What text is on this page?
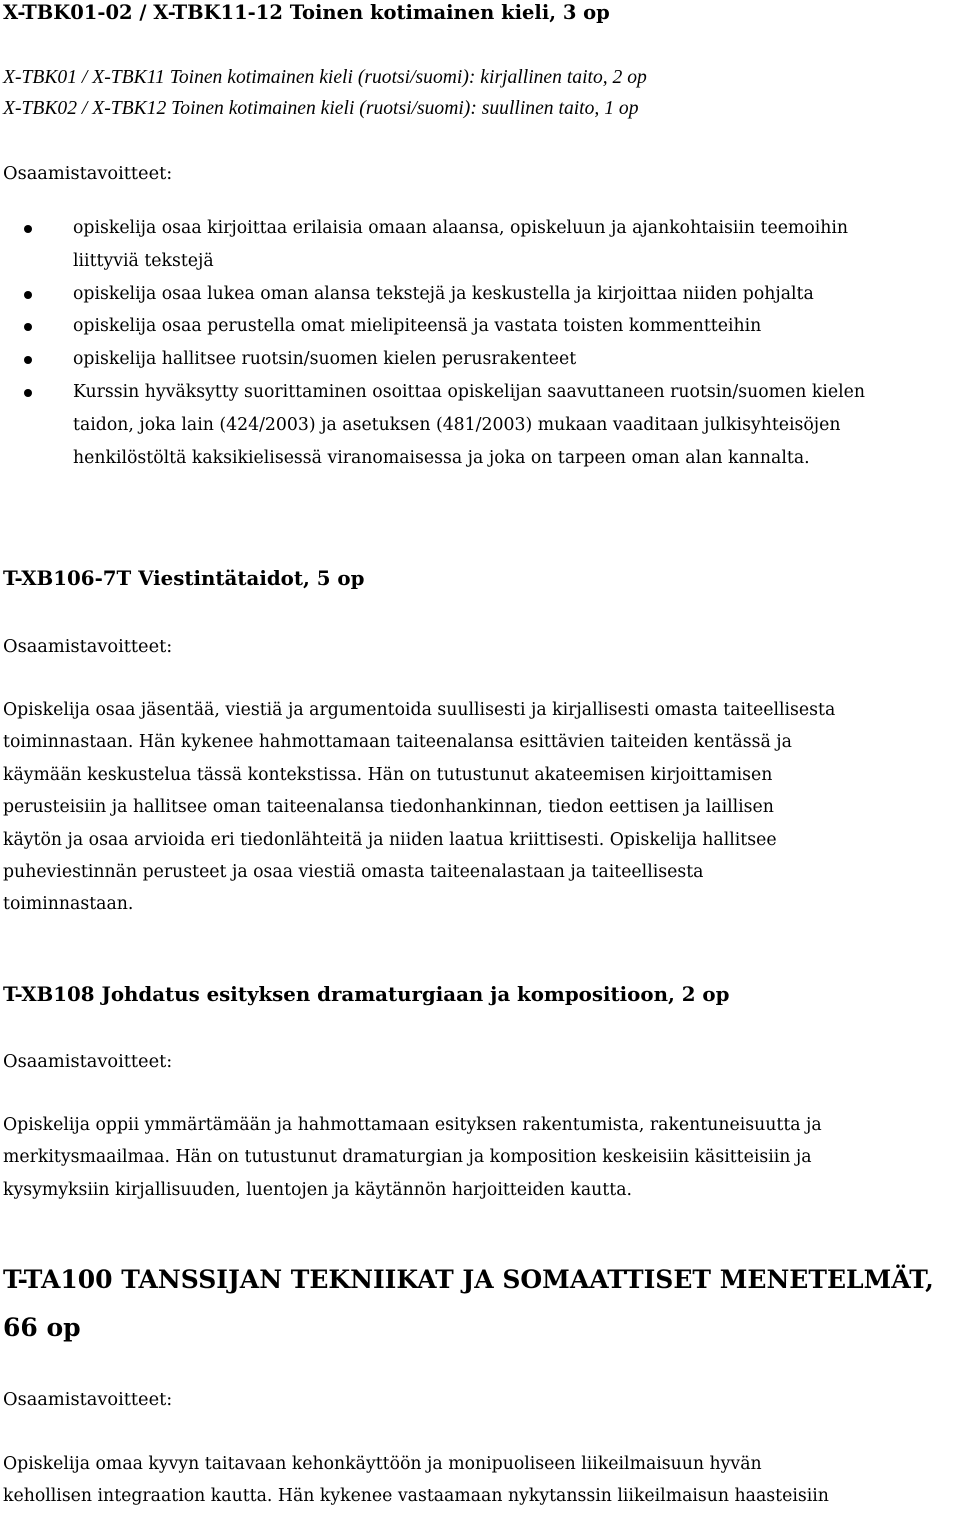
X-TBK01-02 / X-TBK11-12 Toinen kotimainen kieli, 3 op

X-TBK01 / X-TBK11 Toinen kotimainen kieli (ruotsi/suomi): kirjallinen taito, 2 op

X-TBK02 / X-TBK12 Toinen kotimainen kieli (ruotsi/suomi): suullinen taito, 1 op

Osaamistavoitteet:

opiskelija osaa kirjoittaa erilaisia omaan alaansa, opiskeluun ja ajankohtaisiin teemoihin liittyviä tekstejä
opiskelija osaa lukea oman alansa tekstejä ja keskustella ja kirjoittaa niiden pohjalta
opiskelija osaa perustella omat mielipiteensä ja vastata toisten kommentteihin
opiskelija hallitsee ruotsin/suomen kielen perusrakenteet
Kurssin hyväksytty suorittaminen osoittaa opiskelijan saavuttaneen ruotsin/suomen kielen taidon, joka lain (424/2003) ja asetuksen (481/2003) mukaan vaaditaan julkisyhteisöjen henkilöstöltä kaksikielisessä viranomaisessa ja joka on tarpeen oman alan kannalta.
T-XB106-7T Viestintätaidot, 5 op

Osaamistavoitteet:

Opiskelija osaa jäsentää, viestiä ja argumentoida suullisesti ja kirjallisesti omasta taiteellisesta
toiminnastaan. Hän kykenee hahmottamaan taiteenalansa esittävien taiteiden kentässä ja
käymään keskustelua tässä kontekstissa. Hän on tutustunut akateemisen kirjoittamisen
perusteisiin ja hallitsee oman taiteenalansa tiedonhankinnan, tiedon eettisen ja laillisen
käytön ja osaa arvioida eri tiedonlähteitä ja niiden laatua kriittisesti. Opiskelija hallitsee
puheviestinnän perusteet ja osaa viestiä omasta taiteenalastaan ja taiteellisesta
toiminnastaan.

T-XB108 Johdatus esityksen dramaturgiaan ja kompositioon, 2 op

Osaamistavoitteet:

Opiskelija oppii ymmärtämään ja hahmottamaan esityksen rakentumista, rakentuneisuutta ja
merkitysmaailmaa. Hän on tutustunut dramaturgian ja komposition keskeisiin käsitteisiin ja
kysymyksiin kirjallisuuden, luentojen ja käytännön harjoitteiden kautta.

T-TA100 TANSSIJAN TEKNIIKAT JA SOMAATTISET MENETELMÄT,
66 op

Osaamistavoitteet:

Opiskelija omaa kyvyn taitavaan kehonkäyttöön ja monipuoliseen liikeilmaisuun hyvän
kehollisen integraation kautta. Hän kykenee vastaamaan nykytanssin liikeilmaisun haasteisiin
